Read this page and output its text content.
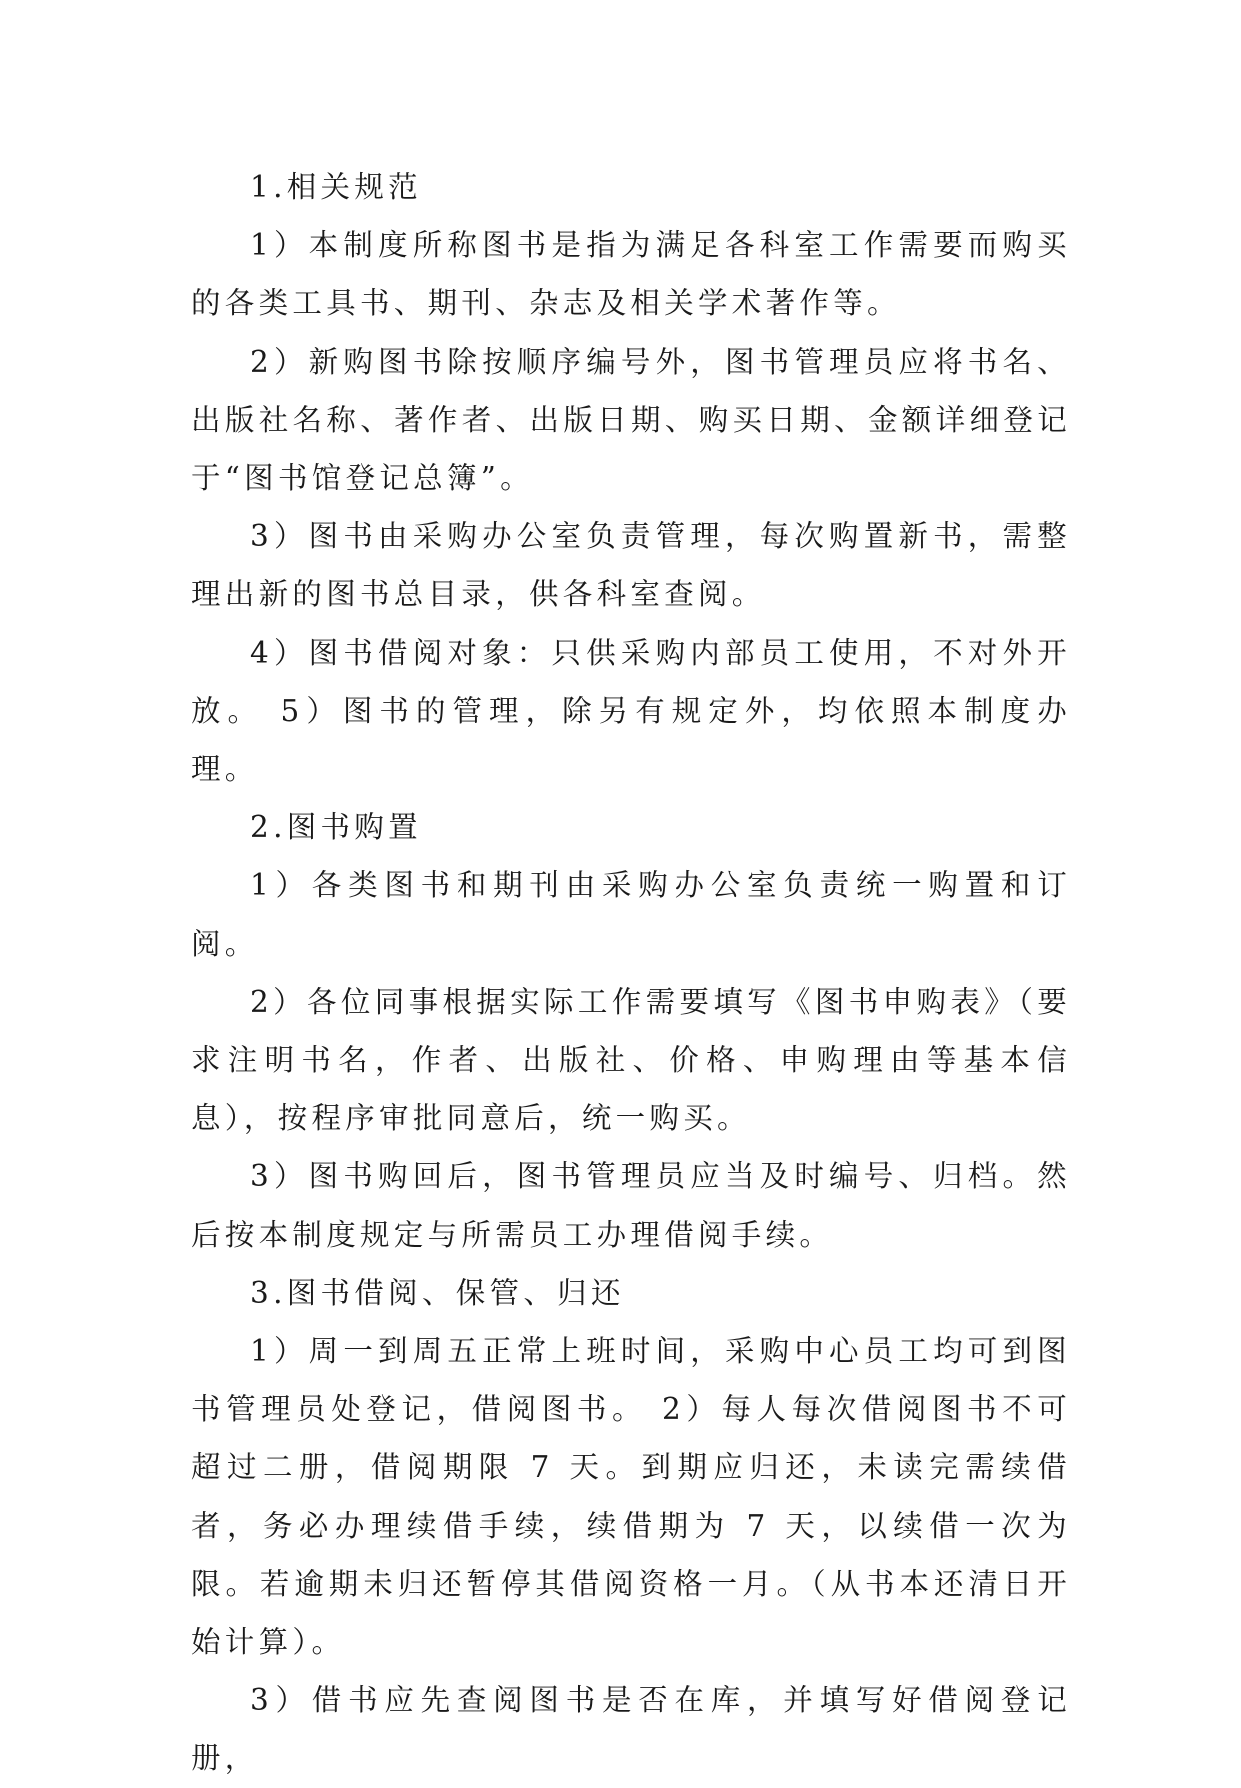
1.相关规范

1）本制度所称图书是指为满足各科室工作需要而购买的各类工具书、期刊、杂志及相关学术著作等。

2）新购图书除按顺序编号外，图书管理员应将书名、出版社名称、著作者、出版日期、购买日期、金额详细登记于“图书馆登记总簿”。

3）图书由采购办公室负责管理，每次购置新书，需整理出新的图书总目录，供各科室查阅。

4）图书借阅对象：只供采购内部员工使用，不对外开放。 5）图书的管理，除另有规定外，均依照本制度办理。

2.图书购置

1）各类图书和期刊由采购办公室负责统一购置和订阅。

2）各位同事根据实际工作需要填写《图书申购表》（要求注明书名，作者、出版社、价格、申购理由等基本信息），按程序审批同意后，统一购买。

3）图书购回后，图书管理员应当及时编号、归档。然后按本制度规定与所需员工办理借阅手续。

3.图书借阅、保管、归还

1）周一到周五正常上班时间，采购中心员工均可到图书管理员处登记，借阅图书。 2）每人每次借阅图书不可超过二册，借阅期限 7 天。到期应归还，未读完需续借者，务必办理续借手续，续借期为 7 天，以续借一次为限。若逾期未归还暂停其借阅资格一月。（从书本还清日开始计算）。

3）借书应先查阅图书是否在库，并填写好借阅登记册，
